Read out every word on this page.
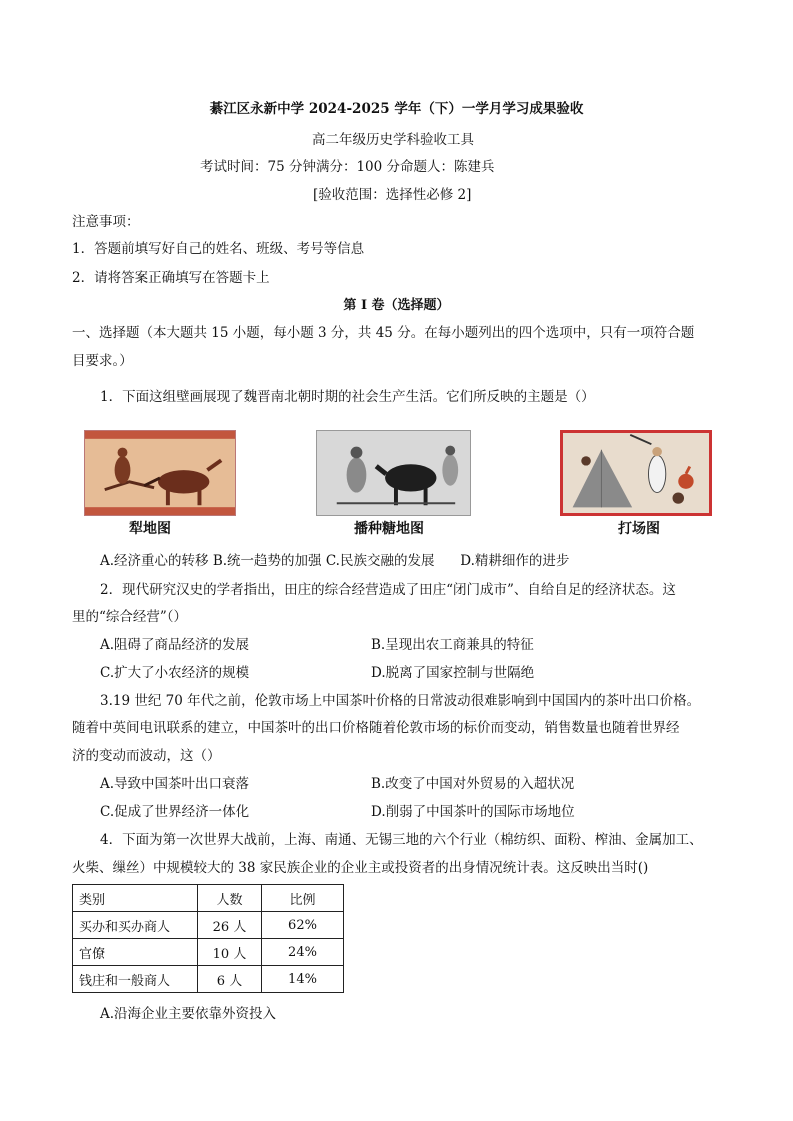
綦江区永新中学 2024-2025 学年（下）一学月学习成果验收
高二年级历史学科验收工具
考试时间：75 分钟满分：100 分命题人：陈建兵
[验收范围：选择性必修 2]
注意事项：
1．答题前填写好自己的姓名、班级、考号等信息
2．请将答案正确填写在答题卡上
第 I 卷（选择题）
一、选择题（本大题共 15 小题，每小题 3 分，共 45 分。在每小题列出的四个选项中，只有一项符合题
目要求。）
1．下面这组壁画展现了魏晋南北朝时期的社会生产生活。它们所反映的主题是（）
犁地图	播种糖地图	打场图
A.经济重心的转移 B.统一趋势的加强 C.民族交融的发展      D.精耕细作的进步
2．现代研究汉史的学者指出，田庄的综合经营造成了田庄“闭门成市”、自给自足的经济状态。这
里的“综合经营”（）
A.阻碍了商品经济的发展	B.呈现出农工商兼具的特征
C.扩大了小农经济的规模	D.脱离了国家控制与世隔绝
3.19 世纪 70 年代之前，伦敦市场上中国茶叶价格的日常波动很难影响到中国国内的茶叶出口价格。
随着中英间电讯联系的建立，中国茶叶的出口价格随着伦敦市场的标价而变动，销售数量也随着世界经
济的变动而波动，这（）
A.导致中国茶叶出口衰落	B.改变了中国对外贸易的入超状况
C.促成了世界经济一体化	D.削弱了中国茶叶的国际市场地位
4．下面为第一次世界大战前，上海、南通、无锡三地的六个行业（棉纺织、面粉、榨油、金属加工、
火柴、缫丝）中规模较大的 38 家民族企业的企业主或投资者的出身情况统计表。这反映出当时()
类别	人数	比例
买办和买办商人	26 人	62%
官僚	10 人	24%
钱庄和一般商人	6 人	14%
A.沿海企业主要依靠外资投入
